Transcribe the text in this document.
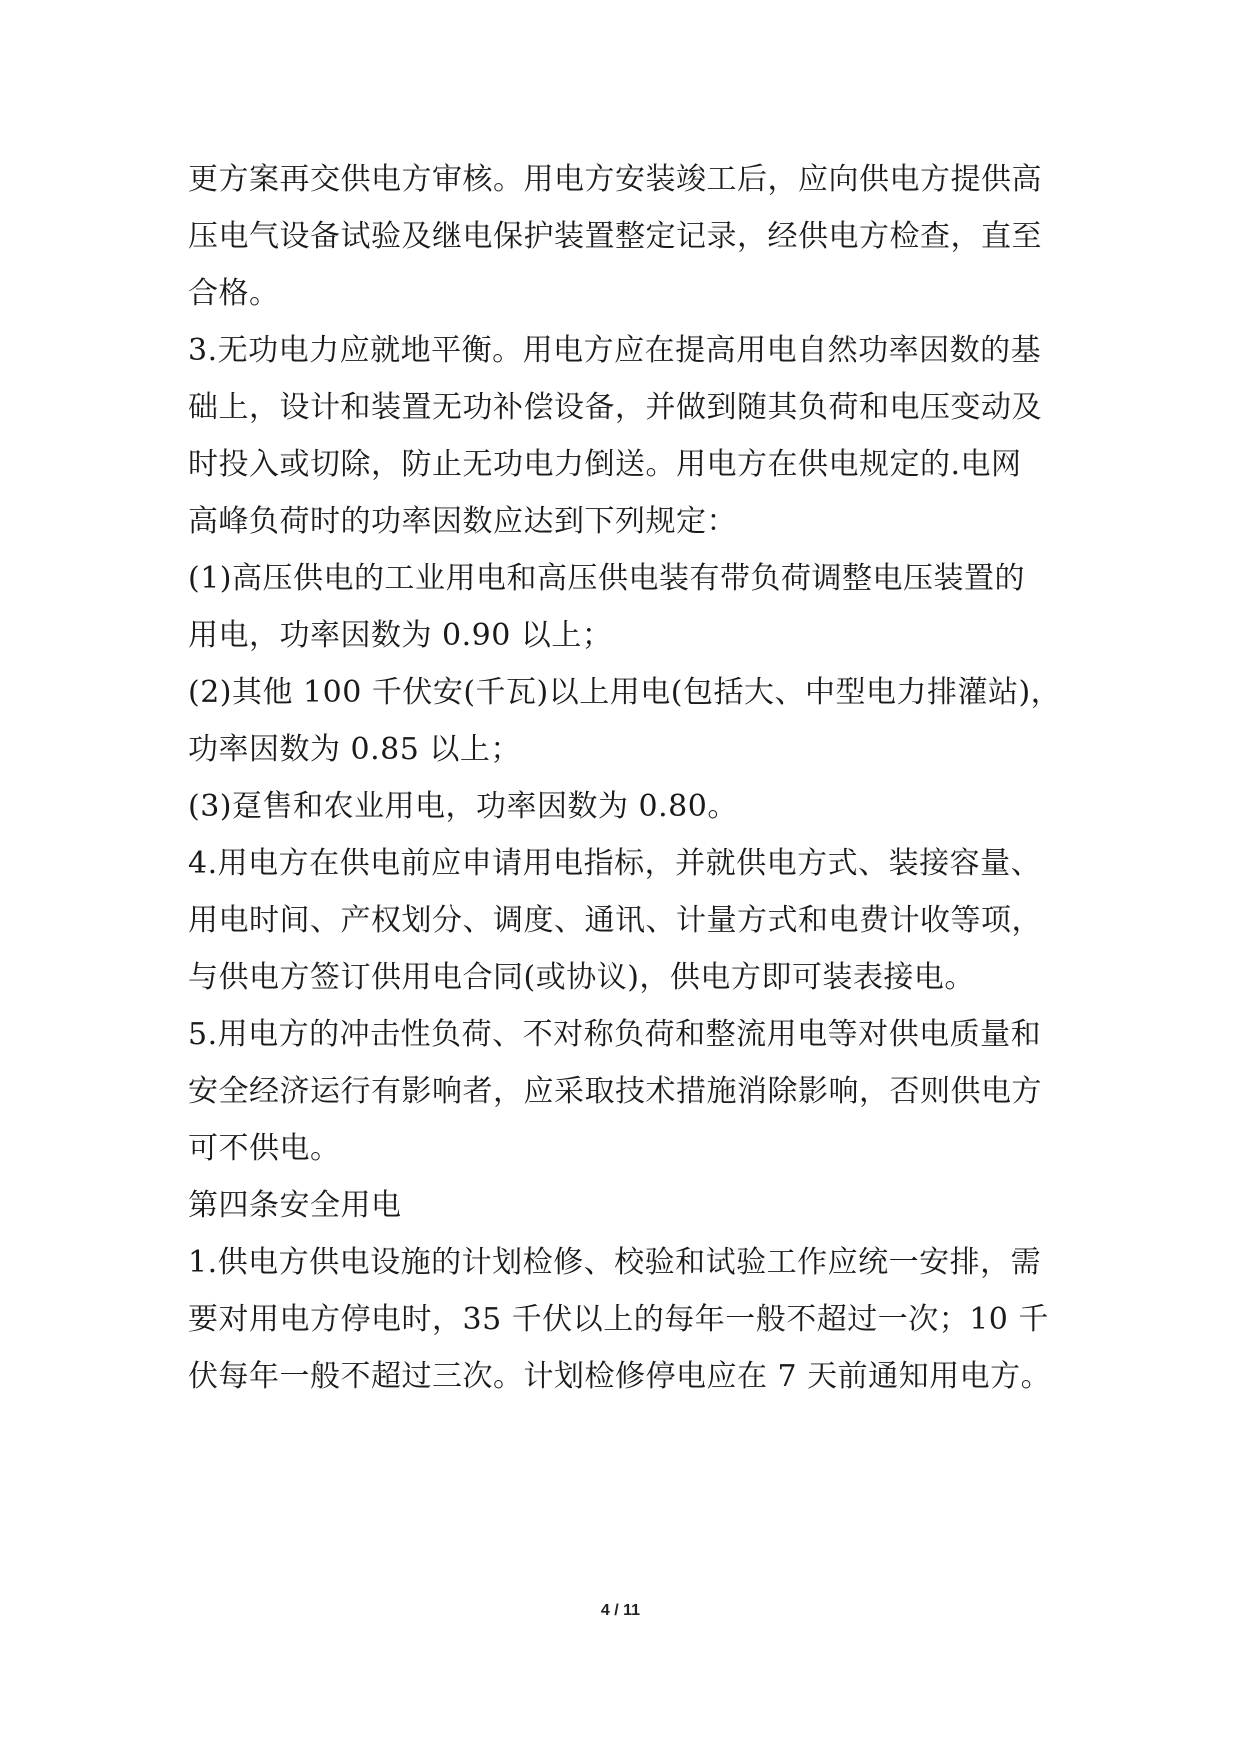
更方案再交供电方审核。用电方安装竣工后，应向供电方提供高
压电气设备试验及继电保护装置整定记录，经供电方检查，直至
合格。
3.无功电力应就地平衡。用电方应在提高用电自然功率因数的基
础上，设计和装置无功补偿设备，并做到随其负荷和电压变动及
时投入或切除，防止无功电力倒送。用电方在供电规定的.电网
高峰负荷时的功率因数应达到下列规定：
(1)高压供电的工业用电和高压供电装有带负荷调整电压装置的
用电，功率因数为 0.90 以上；
(2)其他 100 千伏安(千瓦)以上用电(包括大、中型电力排灌站)，
功率因数为 0.85 以上；
(3)趸售和农业用电，功率因数为 0.80。
4.用电方在供电前应申请用电指标，并就供电方式、装接容量、
用电时间、产权划分、调度、通讯、计量方式和电费计收等项，
与供电方签订供用电合同(或协议)，供电方即可装表接电。
5.用电方的冲击性负荷、不对称负荷和整流用电等对供电质量和
安全经济运行有影响者，应采取技术措施消除影响，否则供电方
可不供电。
第四条安全用电
1.供电方供电设施的计划检修、校验和试验工作应统一安排，需
要对用电方停电时，35 千伏以上的每年一般不超过一次；10 千
伏每年一般不超过三次。计划检修停电应在 7 天前通知用电方。
4 / 11
